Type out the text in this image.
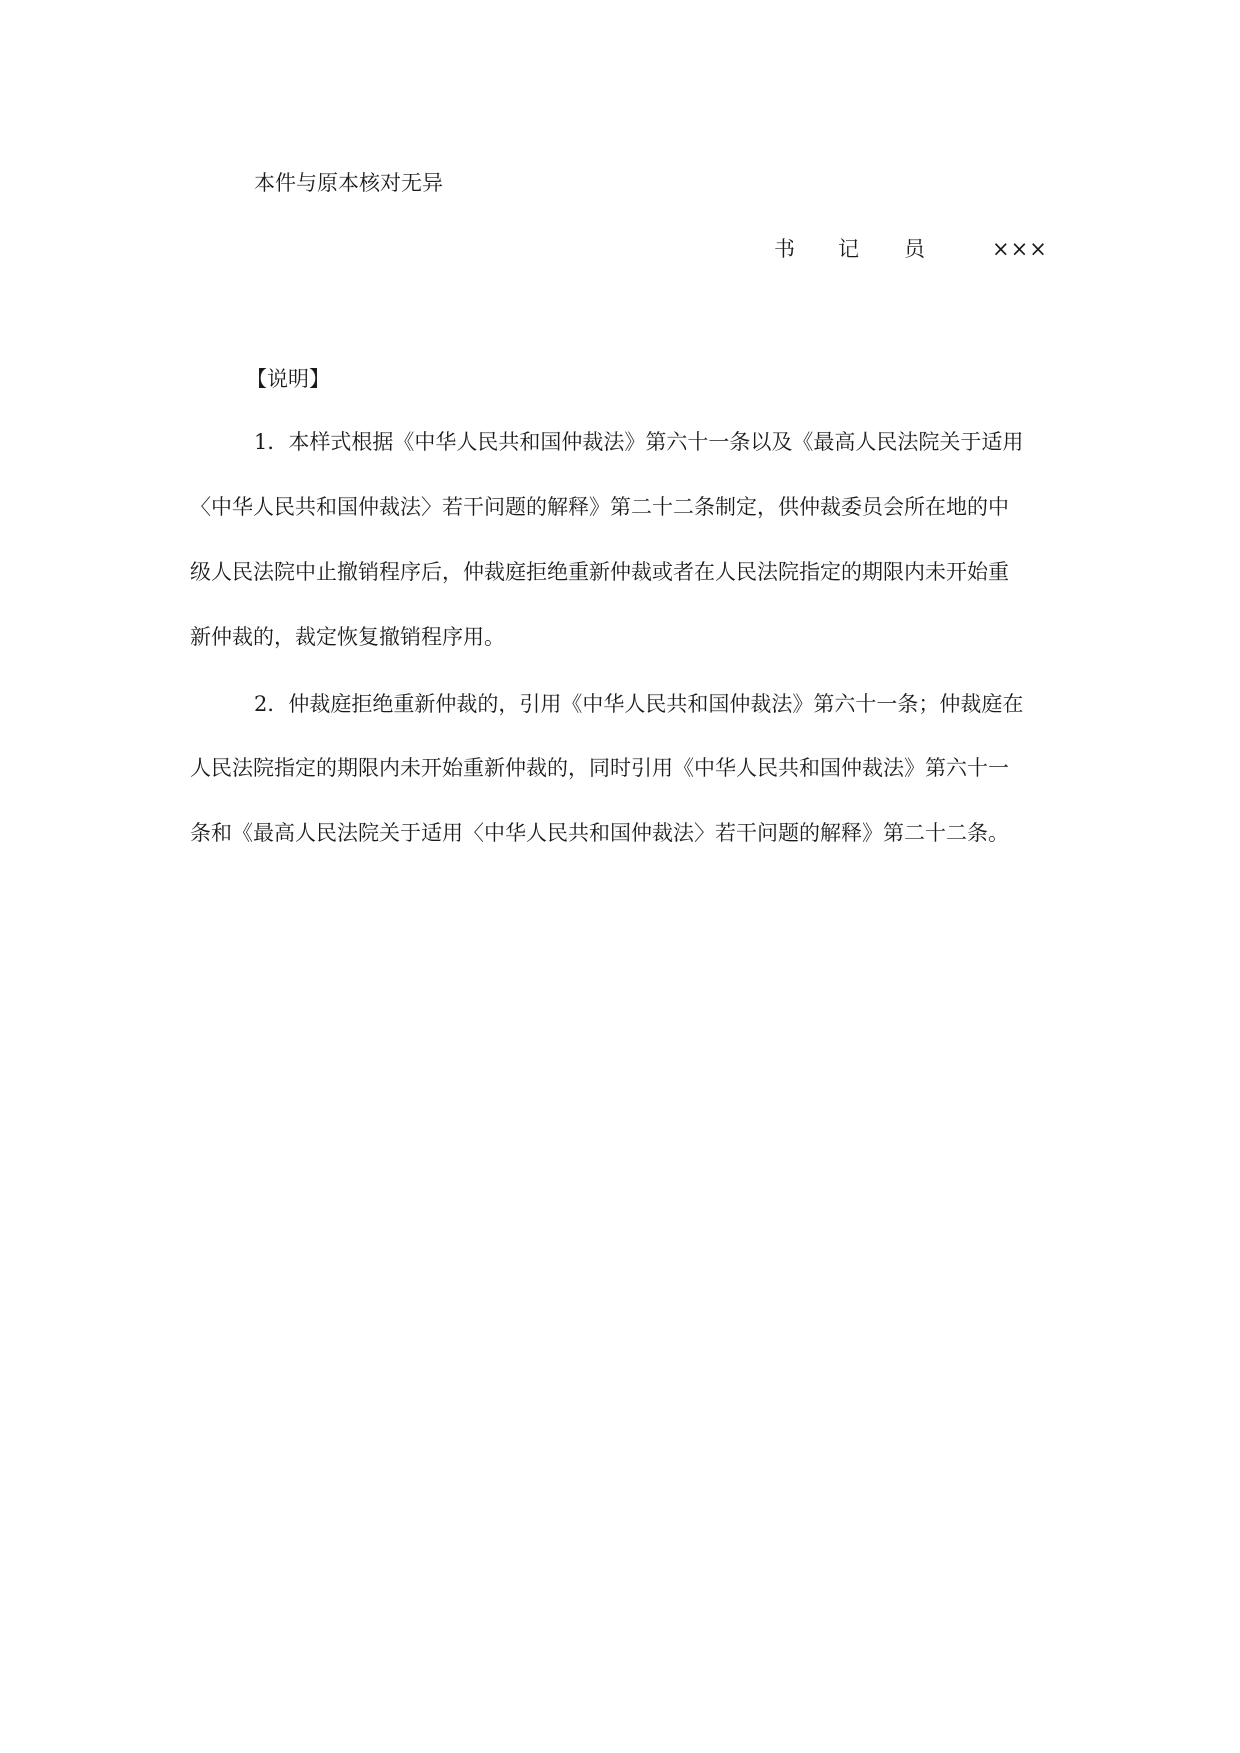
本件与原本核对无异
书 记 员	×××
【说明】
1．本样式根据《中华人民共和国仲裁法》第六十一条以及《最高人民法院关于适用
〈中华人民共和国仲裁法〉若干问题的解释》第二十二条制定，供仲裁委员会所在地的中
级人民法院中止撤销程序后，仲裁庭拒绝重新仲裁或者在人民法院指定的期限内未开始重
新仲裁的，裁定恢复撤销程序用。
2．仲裁庭拒绝重新仲裁的，引用《中华人民共和国仲裁法》第六十一条；仲裁庭在
人民法院指定的期限内未开始重新仲裁的，同时引用《中华人民共和国仲裁法》第六十一
条和《最高人民法院关于适用〈中华人民共和国仲裁法〉若干问题的解释》第二十二条。
